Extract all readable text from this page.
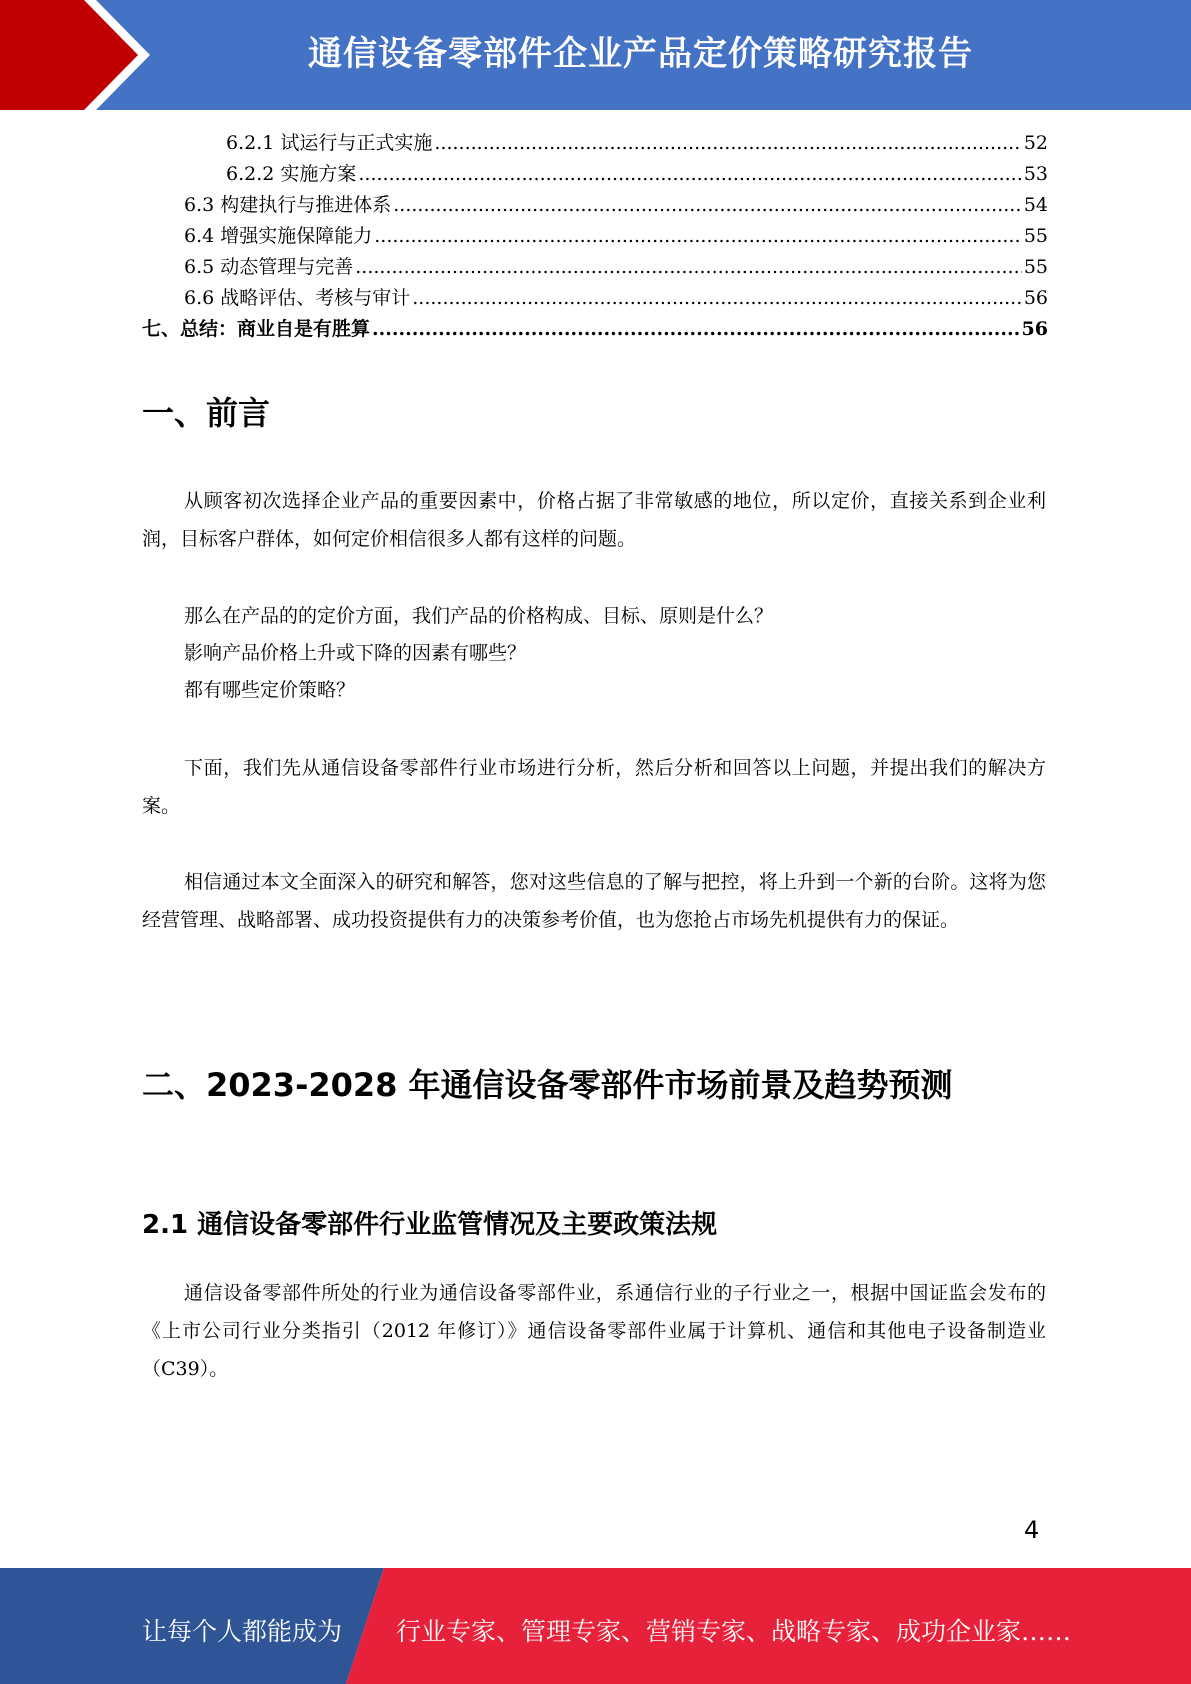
通信设备零部件企业产品定价策略研究报告
6.2.1 试运行与正式实施 .....	52
6.2.2 实施方案 .....	53
6.3 构建执行与推进体系 .....	54
6.4 增强实施保障能力 .....	55
6.5 动态管理与完善 .....	55
6.6 战略评估、考核与审计 .....	56
七、总结：商业自是有胜算 .....	56
一、前言

从顾客初次选择企业产品的重要因素中，价格占据了非常敏感的地位，所以定价，直接关系到企业利润，目标客户群体，如何定价相信很多人都有这样的问题。

那么在产品的的定价方面，我们产品的价格构成、目标、原则是什么？
影响产品价格上升或下降的因素有哪些？
都有哪些定价策略？

下面，我们先从通信设备零部件行业市场进行分析，然后分析和回答以上问题，并提出我们的解决方案。

相信通过本文全面深入的研究和解答，您对这些信息的了解与把控，将上升到一个新的台阶。这将为您经营管理、战略部署、成功投资提供有力的决策参考价值，也为您抢占市场先机提供有力的保证。

二、2023-2028 年通信设备零部件市场前景及趋势预测
2.1 通信设备零部件行业监管情况及主要政策法规

通信设备零部件所处的行业为通信设备零部件业，系通信行业的子行业之一，根据中国证监会发布的《上市公司行业分类指引（2012 年修订）》通信设备零部件业属于计算机、通信和其他电子设备制造业（C39）。

4
让每个人都能成为 行业专家、管理专家、营销专家、战略专家、成功企业家……
